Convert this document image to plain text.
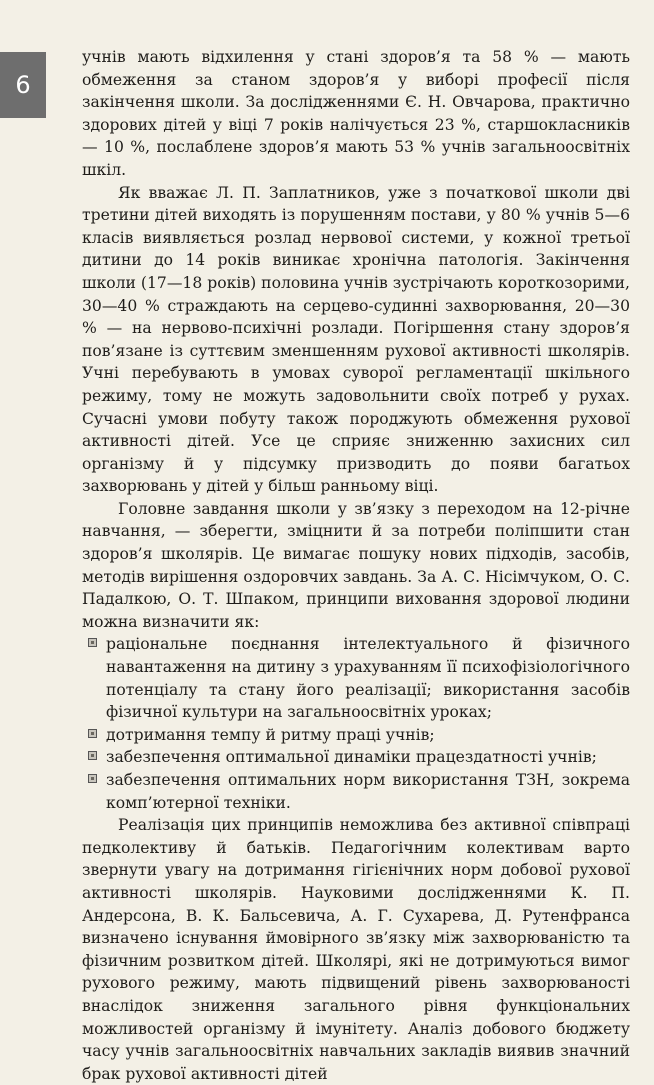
6

учнів мають відхилення у стані здоров’я та 58 % — мають обмеження за станом здоров’я у виборі професії після закінчення школи. За дослідженнями Є. Н. Овчарова, практично здорових дітей у віці 7 років налічується 23 %, старшокласників — 10 %, послаблене здоров’я мають 53 % учнів загальноосвітніх шкіл.

Як вважає Л. П. Заплатников, уже з початкової школи дві третини дітей виходять із порушенням постави, у 80 % учнів 5—6 класів виявляється розлад нервової системи, у кожної третьої дитини до 14 років виникає хронічна патологія. Закінчення школи (17—18 років) половина учнів зустрічають короткозорими, 30—40 % страждають на серцево-судинні захворювання, 20—30 % — на нервово-психічні розлади. Погіршення стану здоров’я пов’язане із суттєвим зменшенням рухової активності школярів. Учні перебувають в умовах суворої регламентації шкільного режиму, тому не можуть задовольнити своїх потреб у рухах. Сучасні умови побуту також породжують обмеження рухової активності дітей. Усе це сприяє зниженню захисних сил організму й у підсумку призводить до появи багатьох захворювань у дітей у більш ранньому віці.

Головне завдання школи у зв’язку з переходом на 12-річне навчання, — зберегти, зміцнити й за потреби поліпшити стан здоров’я школярів. Це вимагає пошуку нових підходів, засобів, методів вирішення оздоровчих завдань. За А. С. Нісімчуком, О. С. Падалкою, О. Т. Шпаком, принципи виховання здорової людини можна визначити як:

раціональне поєднання інтелектуального й фізичного навантаження на дитину з урахуванням її психофізіологічного потенціалу та стану його реалізації; використання засобів фізичної культури на загальноосвітніх уроках;
дотримання темпу й ритму праці учнів;
забезпечення оптимальної динаміки працездатності учнів;
забезпечення оптимальних норм використання ТЗН, зокрема комп’ютерної техніки.

Реалізація цих принципів неможлива без активної співпраці педколективу й батьків. Педагогічним колективам варто звернути увагу на дотримання гігієнічних норм добової рухової активності школярів. Науковими дослідженнями К. П. Андерсона, В. К. Бальсевича, А. Г. Сухарева, Д. Рутенфранса визначено існування ймовірного зв’язку між захворюваністю та фізичним розвитком дітей. Школярі, які не дотримуються вимог рухового режиму, мають підвищений рівень захворюваності внаслідок зниження загального рівня функціональних можливостей організму й імунітету. Аналіз добового бюджету часу учнів загальноосвітніх навчальних закладів виявив значний брак рухової активності дітей
